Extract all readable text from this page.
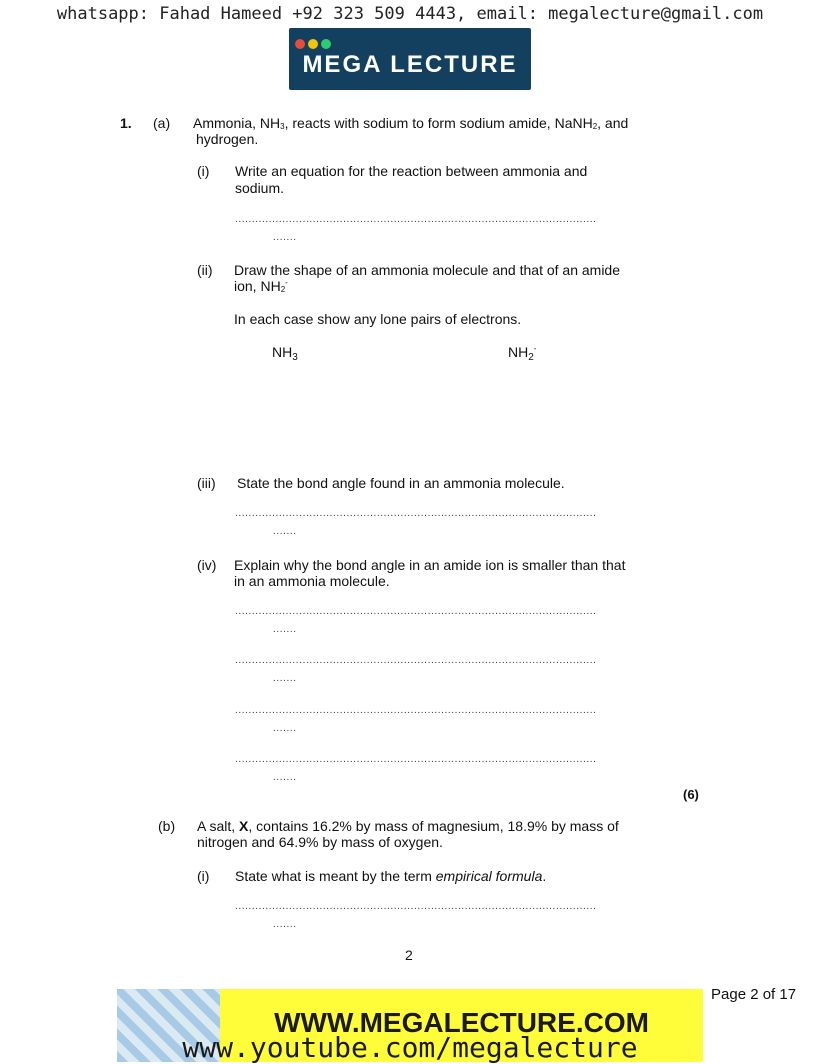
whatsapp: Fahad Hameed +92 323 509 4443, email: megalecture@gmail.com
MEGA LECTURE
1. (a) Ammonia, NH3, reacts with sodium to form sodium amide, NaNH2, and
hydrogen.
(i) Write an equation for the reaction between ammonia and
sodium.
...........................................................................................................
.......
(ii) Draw the shape of an ammonia molecule and that of an amide
ion, NH2-
In each case show any lone pairs of electrons.
$NH_3$	$NH_2^-$
(iii) State the bond angle found in an ammonia molecule.
...........................................................................................................
.......
(iv) Explain why the bond angle in an amide ion is smaller than that
in an ammonia molecule.
...........................................................................................................
.......
...........................................................................................................
.......
...........................................................................................................
.......
...........................................................................................................
.......
(6)
(b) A salt, X, contains 16.2% by mass of magnesium, 18.9% by mass of
nitrogen and 64.9% by mass of oxygen.
(i) State what is meant by the term empirical formula.
...........................................................................................................
.......
2
Page 2 of 17
WWW.MEGALECTURE.COM
www.youtube.com/megalecture
